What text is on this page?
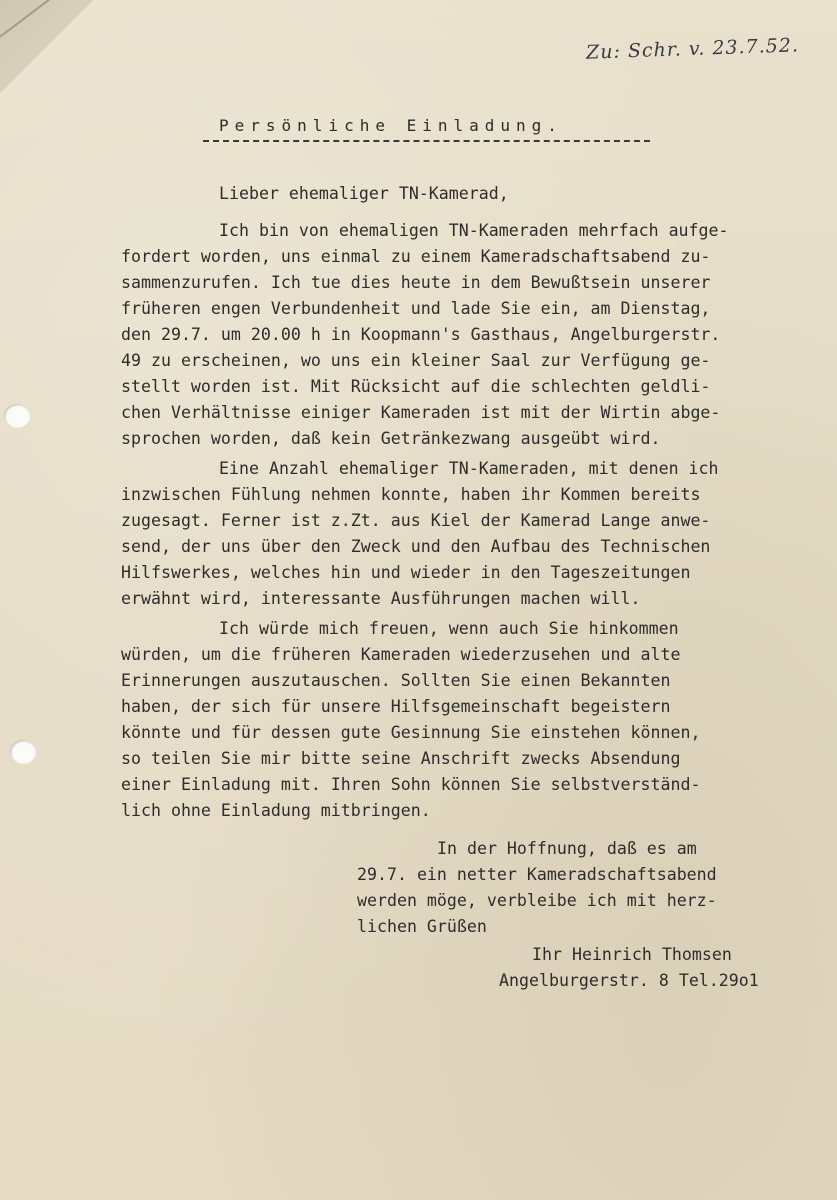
Zu: Schr. v. 23.7.52.
Persönliche Einladung.
Lieber ehemaliger TN-Kamerad,
Ich bin von ehemaligen TN-Kameraden mehrfach aufge-
fordert worden, uns einmal zu einem Kameradschaftsabend zu-
sammenzurufen. Ich tue dies heute in dem Bewußtsein unserer
früheren engen Verbundenheit und lade Sie ein, am Dienstag,
den 29.7. um 20.00 h in Koopmann's Gasthaus, Angelburgerstr.
49 zu erscheinen, wo uns ein kleiner Saal zur Verfügung ge-
stellt worden ist. Mit Rücksicht auf die schlechten geldli-
chen Verhältnisse einiger Kameraden ist mit der Wirtin abge-
sprochen worden, daß kein Getränkezwang ausgeübt wird.
Eine Anzahl ehemaliger TN-Kameraden, mit denen ich
inzwischen Fühlung nehmen konnte, haben ihr Kommen bereits
zugesagt. Ferner ist z.Zt. aus Kiel der Kamerad Lange anwe-
send, der uns über den Zweck und den Aufbau des Technischen
Hilfswerkes, welches hin und wieder in den Tageszeitungen
erwähnt wird, interessante Ausführungen machen will.
Ich würde mich freuen, wenn auch Sie hinkommen
würden, um die früheren Kameraden wiederzusehen und alte
Erinnerungen auszutauschen. Sollten Sie einen Bekannten
haben, der sich für unsere Hilfsgemeinschaft begeistern
könnte und für dessen gute Gesinnung Sie einstehen können,
so teilen Sie mir bitte seine Anschrift zwecks Absendung
einer Einladung mit. Ihren Sohn können Sie selbstverständ-
lich ohne Einladung mitbringen.
In der Hoffnung, daß es am
29.7. ein netter Kameradschaftsabend
werden möge, verbleibe ich mit herz-
lichen Grüßen
Ihr Heinrich Thomsen
Angelburgerstr. 8 Tel.29o1
